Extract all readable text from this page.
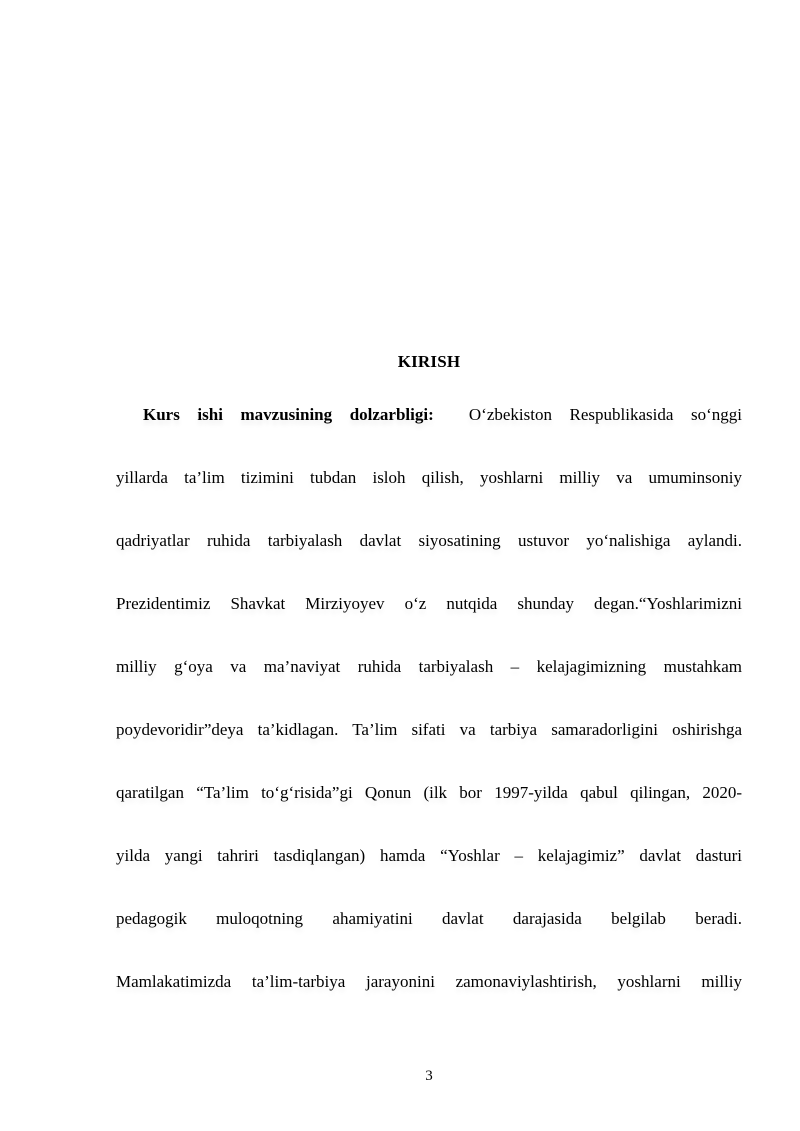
KIRISH
Kurs ishi mavzusining dolzarbligi: O‘zbekiston Respublikasida so‘nggi
yillarda ta’lim tizimini tubdan isloh qilish, yoshlarni milliy va umuminsoniy
qadriyatlar ruhida tarbiyalash davlat siyosatining ustuvor yo‘nalishiga aylandi.
Prezidentimiz Shavkat Mirziyoyev o‘z nutqida shunday degan.“Yoshlarimizni
milliy g‘oya va ma’naviyat ruhida tarbiyalash – kelajagimizning mustahkam
poydevoridir”deya ta’kidlagan. Ta’lim sifati va tarbiya samaradorligini oshirishga
qaratilgan “Ta’lim to‘g‘risida”gi Qonun (ilk bor 1997-yilda qabul qilingan, 2020-
yilda yangi tahriri tasdiqlangan) hamda “Yoshlar – kelajagimiz” davlat dasturi
pedagogik muloqotning ahamiyatini davlat darajasida belgilab beradi.
Mamlakatimizda ta’lim-tarbiya jarayonini zamonaviylashtirish, yoshlarni milliy
3
